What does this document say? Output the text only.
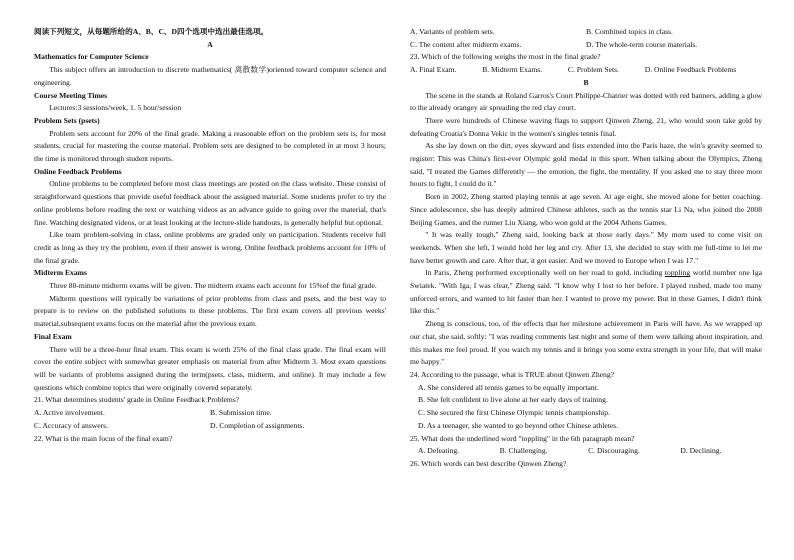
阅读下列短文，从每题所给的A、B、C、D四个选项中选出最佳选项。

A

Mathematics for Computer Science

This subject offers an introduction to discrete mathematics( 离散数学)oriented toward computer science and engineering.

Course Meeting Times

Lectures:3 sessions/week, 1. 5 hour/session

Problem Sets (psets)

Problem sets account for 20% of the final grade. Making a reasonable effort on the problem sets is, for most students, crucial for mastering the course material. Problem sets are designed to be completed in at most 3 hours; the time is monitored through student reports.

Online Feedback Problems

Online problems to be completed before most class meetings are posted on the class website. These consist of straightforward questions that provide useful feedback about the assigned material. Some students prefer to try the online problems before reading the text or watching videos as an advance guide to going over the material, that's fine. Watching designated videos, or at least looking at the lecture-slide handouts, is generally helpful but optional.

Like team problem-solving in class, online problems are graded only on participation. Students receive full credit as long as they try the problem, even if their answer is wrong. Online feedback problems account for 10% of the final grade.

Midterm Exams

Three 80-minute midterm exams will be given. The midterm exams each account for 15%of the final grade.

Midterm questions will typically be variations of prior problems from class and psets, and the best way to prepare is to review on the published solutions to these problems. The first exam covers all previous weeks' material,subsequent exams focus on the material after the previous exam.

Final Exam

There will be a three-hour final exam. This exam is worth 25% of the final class grade. The final exam will cover the entire subject with somewhat greater emphasis on material from after Midterm 3. Most exam questions will be variants of problems assigned during the term(psets, class, midterm, and online). It may include a few questions which combine topics that were originally covered separately.

21. What determines students' grade in Online Feedback Problems?

A. Active involvement.	B. Submission time.
C. Accuracy of answers.	D. Completion of assignments.

22. What is the main focus of the final exam?

A. Variants of problem sets.	B. Combined topics in class.
C. The content after midterm exams.	D. The whole-term course materials.

23. Which of the following weighs the most in the final grade?

A. Final Exam.	B. Midterm Exams.	C. Problem Sets.	D. Online Feedback Problems

B

The scene in the stands at Roland Garros's Court Philippe-Chatrier was dotted with red banners, adding a glow to the already orangey air spreading the red clay court.

There were hundreds of Chinese waving flags to support Qinwen Zheng, 21, who would soon take gold by defeating Croatia's Donna Vekic in the women's singles tennis final.

As she lay down on the dirt, eyes skyward and fists extended into the Paris haze, the win's gravity seemed to register: This was China's first-ever Olympic gold medal in this sport. When talking about the Olympics, Zheng said, "I treated the Games differently — the emotion, the fight, the mentality. If you asked me to stay three more hours to fight, I could do it."

Born in 2002, Zheng started playing tennis at age seven. At age eight, she moved alone for better coaching. Since adolescence, she has deeply admired Chinese athletes, such as the tennis star Li Na, who joined the 2008 Beijing Games, and the runner Liu Xiang, who won gold at the 2004 Athens Games.

" It was really tough," Zheng said, looking back at those early days." My mom used to come visit on weekends. When she left, I would hold her leg and cry. After 13, she decided to stay with me full-time to let me have better growth and care. After that, it got easier. And we moved to Europe when I was 17."

In Paris, Zheng performed exceptionally well on her road to gold, including toppling world number one Iga Swiatek. "With Iga, I was clear," Zheng said. "I know why I lost to her before. I played rushed, made too many unforced errors, and wanted to hit faster than her. I wanted to prove my power. But in these Games, I didn't think like this."

Zheng is conscious, too, of the effects that her milestone achievement in Paris will have. As we wrapped up our chat, she said, softly: "I was reading comments last night and some of them were talking about inspiration, and this makes me feel proud. If you watch my tennis and it brings you some extra strength in your life, that will make me happy."

24. According to the passage, what is TRUE about Qinwen Zheng?

A. She considered all tennis games to be equally important.

B. She felt confident to live alone at her early days of training.

C. She secured the first Chinese Olympic tennis championship.

D. As a teenager, she wanted to go beyond other Chinese athletes.

25. What does the underlined word "toppling" in the 6th paragraph mean?

A. Defeating.	B. Challenging.	C. Discouraging.	D. Declining.

26. Which words can best describe Qinwen Zheng?
